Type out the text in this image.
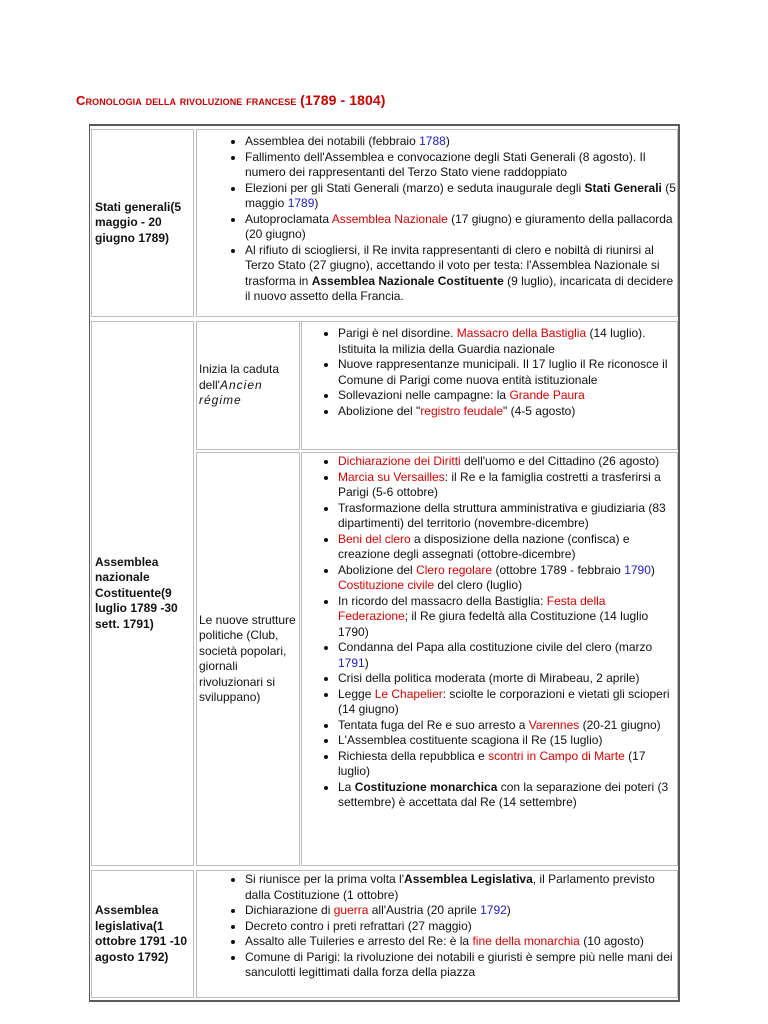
Cronologia della rivoluzione francese (1789 - 1804)
Stati generali(5 maggio - 20 giugno 1789)
• Assemblea dei notabili (febbraio 1788)
• Fallimento dell'Assemblea e convocazione degli Stati Generali (8 agosto). Il numero dei rappresentanti del Terzo Stato viene raddoppiato
• Elezioni per gli Stati Generali (marzo) e seduta inaugurale degli Stati Generali (5 maggio 1789)
• Autoproclamata Assemblea Nazionale (17 giugno) e giuramento della pallacorda (20 giugno)
• Al rifiuto di sciogliersi, il Re invita rappresentanti di clero e nobiltà di riunirsi al Terzo Stato (27 giugno), accettando il voto per testa: l'Assemblea Nazionale si trasforma in Assemblea Nazionale Costituente (9 luglio), incaricata di decidere il nuovo assetto della Francia.
Assemblea nazionale Costituente(9 luglio 1789 -30 sett. 1791)
Inizia la caduta dell'Ancien régime
• Parigi è nel disordine. Massacro della Bastiglia (14 luglio). Istituita la milizia della Guardia nazionale
• Nuove rappresentanze municipali. Il 17 luglio il Re riconosce il Comune di Parigi come nuova entità istituzionale
• Sollevazioni nelle campagne: la Grande Paura
• Abolizione del "registro feudale" (4-5 agosto)
Le nuove strutture politiche (Club, società popolari, giornali rivoluzionari si sviluppano)
• Dichiarazione dei Diritti dell'uomo e del Cittadino (26 agosto)
• Marcia su Versailles: il Re e la famiglia costretti a trasferirsi a Parigi (5-6 ottobre)
• Trasformazione della struttura amministrativa e giudiziaria (83 dipartimenti) del territorio (novembre-dicembre)
• Beni del clero a disposizione della nazione (confisca) e creazione degli assegnati (ottobre-dicembre)
• Abolizione del Clero regolare (ottobre 1789 - febbraio 1790) Costituzione civile del clero (luglio)
• In ricordo del massacro della Bastiglia: Festa della Federazione; il Re giura fedeltà alla Costituzione (14 luglio 1790)
• Condanna del Papa alla costituzione civile del clero (marzo 1791)
• Crisi della politica moderata (morte di Mirabeau, 2 aprile)
• Legge Le Chapelier: sciolte le corporazioni e vietati gli scioperi (14 giugno)
• Tentata fuga del Re e suo arresto a Varennes (20-21 giugno)
• L'Assemblea costituente scagiona il Re (15 luglio)
• Richiesta della repubblica e scontri in Campo di Marte (17 luglio)
• La Costituzione monarchica con la separazione dei poteri (3 settembre) è accettata dal Re (14 settembre)
Assemblea legislativa(1 ottobre 1791 -10 agosto 1792)
• Si riunisce per la prima volta l'Assemblea Legislativa, il Parlamento previsto dalla Costituzione (1 ottobre)
• Dichiarazione di guerra all'Austria (20 aprile 1792)
• Decreto contro i preti refrattari (27 maggio)
• Assalto alle Tuileries e arresto del Re: è la fine della monarchia (10 agosto)
• Comune di Parigi: la rivoluzione dei notabili e giuristi è sempre più nelle mani dei sanculotti legittimati dalla forza della piazza
